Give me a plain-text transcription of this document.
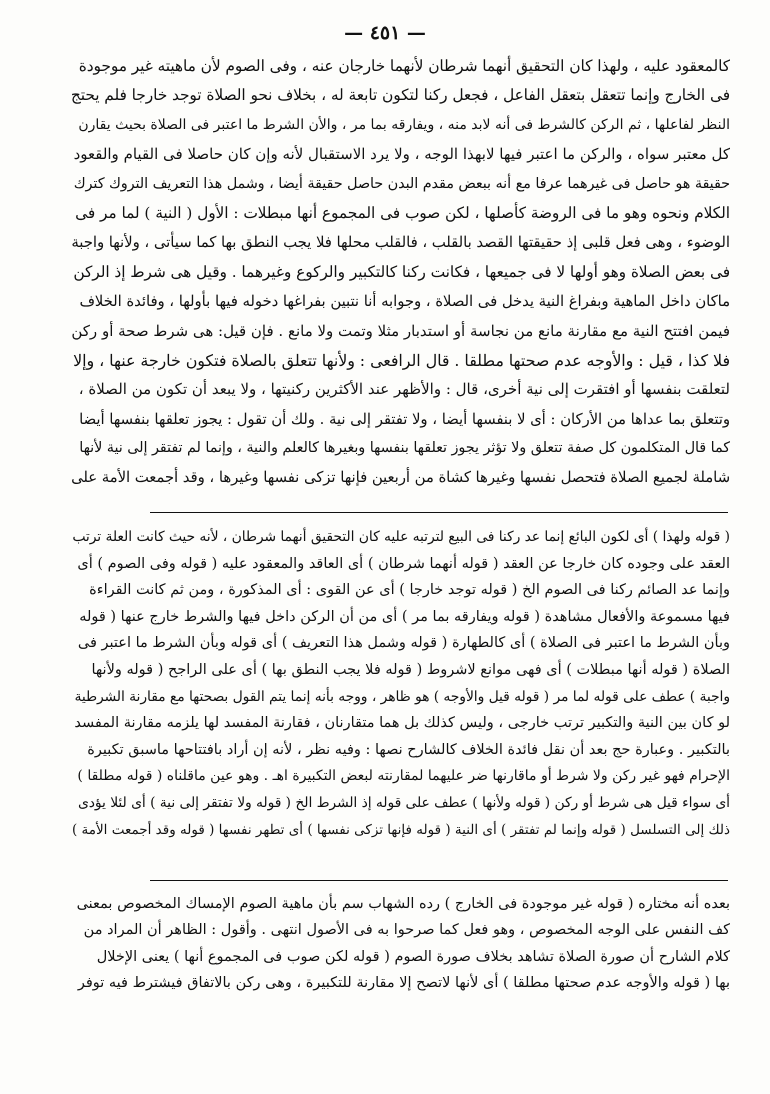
— ٤٥١ —
كالمعقود عليه ، ولهذا كان التحقيق أنهما شرطان لأنهما خارجان عنه ، وفى الصوم لأن ماهيته غير موجودة
فى الخارج وإنما تتعقل بتعقل الفاعل ، فجعل ركنا لتكون تابعة له ، بخلاف نحو الصلاة توجد خارجا فلم يحتج
النظر لفاعلها ، ثم الركن كالشرط فى أنه لابد منه ، ويفارقه بما مر ، والأن الشرط ما اعتبر فى الصلاة بحيث يقارن
كل معتبر سواه ، والركن ما اعتبر فيها لابهذا الوجه ، ولا يرد الاستقبال لأنه وإن كان حاصلا فى القيام والقعود
حقيقة هو حاصل فى غيرهما عرفا مع أنه ببعض مقدم البدن حاصل حقيقة أيضا ، وشمل هذا التعريف التروك كترك
الكلام ونحوه وهو ما فى الروضة كأصلها ، لكن صوب فى المجموع أنها مبطلات : الأول ( النية ) لما مر فى
الوضوء ، وهى فعل قلبى إذ حقيقتها القصد بالقلب ، فالقلب محلها فلا يجب النطق بها كما سيأتى ، ولأنها واجبة
فى بعض الصلاة وهو أولها لا فى جميعها ، فكانت ركنا كالتكبير والركوع وغيرهما . وقيل هى شرط إذ الركن
ماكان داخل الماهية وبفراغ النية يدخل فى الصلاة ، وجوابه أنا نتبين بفراغها دخوله فيها بأولها ، وفائدة الخلاف
فيمن افتتح النية مع مقارنة مانع من نجاسة أو استدبار مثلا وتمت ولا مانع . فإن قيل: هى شرط صحة أو ركن
فلا كذا ، قيل : والأوجه عدم صحتها مطلقا . قال الرافعى : ولأنها تتعلق بالصلاة فتكون خارجة عنها ، وإلا
لتعلقت بنفسها أو افتقرت إلى نية أخرى، قال : والأظهر عند الأكثرين ركنيتها ، ولا يبعد أن تكون من الصلاة ،
وتتعلق بما عداها من الأركان : أى لا بنفسها أيضا ، ولا تفتقر إلى نية . ولك أن تقول : يجوز تعلقها بنفسها أيضا
كما قال المتكلمون كل صفة تتعلق ولا تؤثر يجوز تعلقها بنفسها وبغيرها كالعلم والنية ، وإنما لم تفتقر إلى نية لأنها
شاملة لجميع الصلاة فتحصل نفسها وغيرها كشاة من أربعين فإنها تزكى نفسها وغيرها ، وقد أجمعت الأمة على
( قوله ولهذا ) أى لكون البائع إنما عد ركنا فى البيع لترتبه عليه كان التحقيق أنهما شرطان ، لأنه حيث كانت العلة ترتب
العقد على وجوده كان خارجا عن العقد ( قوله أنهما شرطان ) أى العاقد والمعقود عليه ( قوله وفى الصوم ) أى
وإنما عد الصائم ركنا فى الصوم الخ ( قوله توجد خارجا ) أى عن القوى : أى المذكورة ، ومن ثم كانت القراءة
فيها مسموعة والأفعال مشاهدة ( قوله ويفارقه بما مر ) أى من أن الركن داخل فيها والشرط خارج عنها ( قوله
وبأن الشرط ما اعتبر فى الصلاة ) أى كالطهارة ( قوله وشمل هذا التعريف ) أى قوله وبأن الشرط ما اعتبر فى
الصلاة ( قوله أنها مبطلات ) أى فهى موانع لاشروط ( قوله فلا يجب النطق بها ) أى على الراجح ( قوله ولأنها
واجبة ) عطف على قوله لما مر ( قوله قيل والأوجه ) هو ظاهر ، ووجه بأنه إنما يتم القول بصحتها مع مقارنة الشرطية
لو كان بين النية والتكبير ترتب خارجى ، وليس كذلك بل هما متقارنان ، فقارنة المفسد لها يلزمه مقارنة المفسد
بالتكبير . وعبارة حج بعد أن نقل فائدة الخلاف كالشارح نصها : وفيه نظر ، لأنه إن أراد بافتتاحها ماسبق تكبيرة
الإحرام فهو غير ركن ولا شرط أو ماقارنها ضر عليهما لمقارنته لبعض التكبيرة اهـ . وهو عين ماقلناه ( قوله مطلقا )
أى سواء قيل هى شرط أو ركن ( قوله ولأنها ) عطف على قوله إذ الشرط الخ ( قوله ولا تفتقر إلى نية ) أى لئلا يؤدى
ذلك إلى التسلسل ( قوله وإنما لم تفتقر ) أى النية ( قوله فإنها تزكى نفسها ) أى تطهر نفسها ( قوله وقد أجمعت الأمة )
بعده أنه مختاره ( قوله غير موجودة فى الخارج ) رده الشهاب سم بأن ماهية الصوم الإمساك المخصوص بمعنى
كف النفس على الوجه المخصوص ، وهو فعل كما صرحوا به فى الأصول انتهى . وأقول : الظاهر أن المراد من
كلام الشارح أن صورة الصلاة تشاهد بخلاف صورة الصوم ( قوله لكن صوب فى المجموع أنها ) يعنى الإخلال
بها ( قوله والأوجه عدم صحتها مطلقا ) أى لأنها لاتصح إلا مقارنة للتكبيرة ، وهى ركن بالاتفاق فيشترط فيه توفر
